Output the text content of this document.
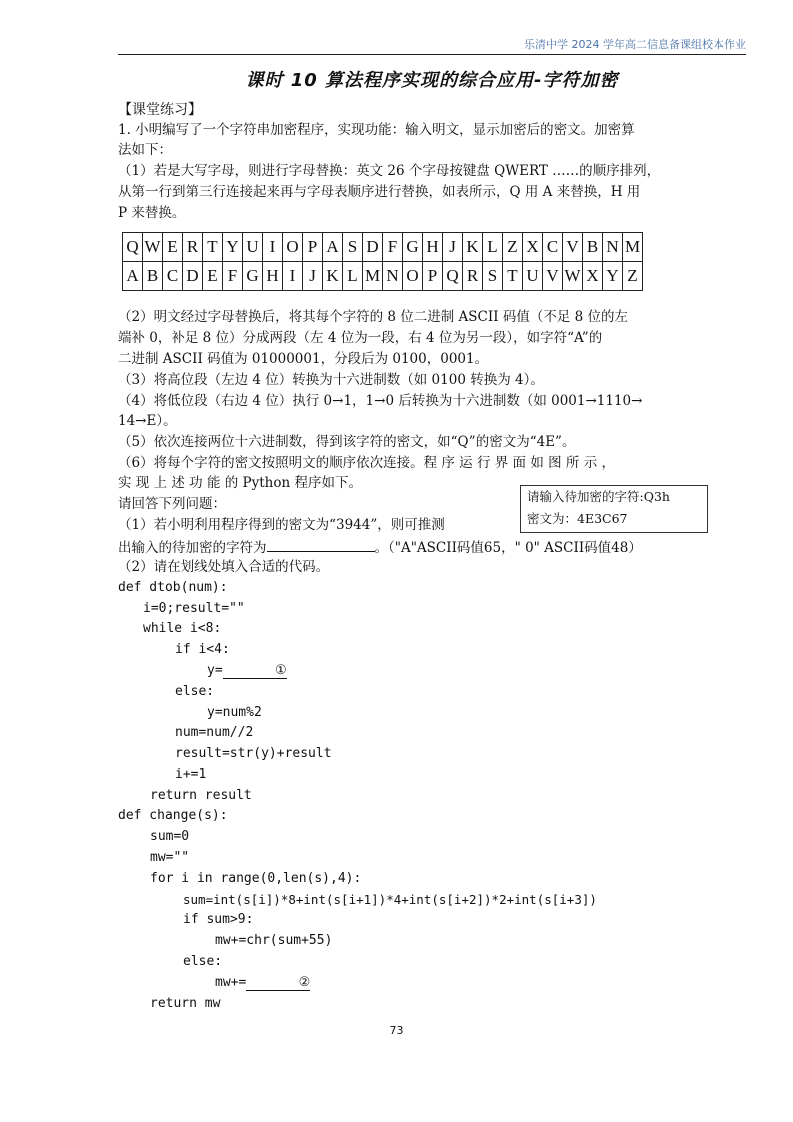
乐清中学 2024 学年高二信息备课组校本作业
课时 10 算法程序实现的综合应用-字符加密
【课堂练习】
1. 小明编写了一个字符串加密程序，实现功能：输入明文，显示加密后的密文。加密算
法如下：
（1）若是大写字母，则进行字母替换：英文 26 个字母按键盘 QWERT ……的顺序排列，
从第一行到第三行连接起来再与字母表顺序进行替换，如表所示，Q 用 A 来替换，H 用
P 来替换。
Q	W	E	R	T	Y	U	I	O	P	A	S	D	F	G	H	J	K	L	Z	X	C	V	B	N	M
A	B	C	D	E	F	G	H	I	J	K	L	M	N	O	P	Q	R	S	T	U	V	W	X	Y	Z
（2）明文经过字母替换后，将其每个字符的 8 位二进制 ASCII 码值（不足 8 位的左
端补 0，补足 8 位）分成两段（左 4 位为一段，右 4 位为另一段），如字符“A”的
二进制 ASCII 码值为 01000001，分段后为 0100，0001。
（3）将高位段（左边 4 位）转换为十六进制数（如 0100 转换为 4）。
（4）将低位段（右边 4 位）执行 0→1，1→0 后转换为十六进制数（如 0001→1110→
14→E）。
（5）依次连接两位十六进制数，得到该字符的密文，如“Q”的密文为“4E”。
（6）将每个字符的密文按照明文的顺序依次连接。程 序 运 行 界 面 如 图 所 示 ，
实 现 上 述 功 能 的 Python 程序如下。
请回答下列问题：
（1）若小明利用程序得到的密文为“3944”，则可推测
请输入待加密的字符:Q3h
密文为：4E3C67
出输入的待加密的字符为	。（"A"ASCII码值65，" 0" ASCII码值48）
（2）请在划线处填入合适的代码。
def dtob(num):
i=0;result=""
while i<8:
if i<4:
y=	①
else:
y=num%2
num=num//2
result=str(y)+result
i+=1
return result
def change(s):
sum=0
mw=""
for i in range(0,len(s),4):
sum=int(s[i])*8+int(s[i+1])*4+int(s[i+2])*2+int(s[i+3])
if sum>9:
mw+=chr(sum+55)
else:
mw+=	②
return mw
73
